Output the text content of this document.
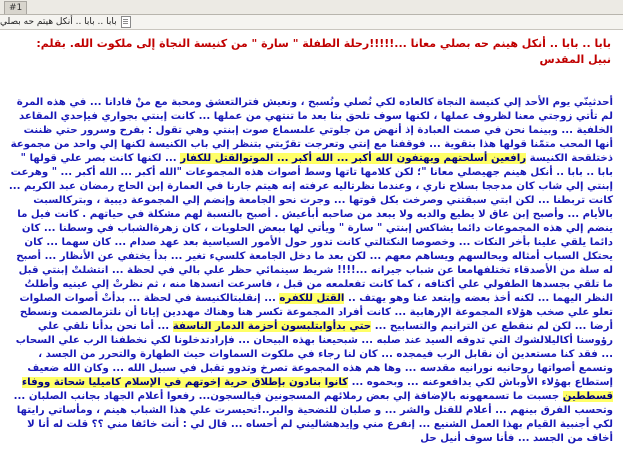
#1
بابا .. بابا .. أنكل هيتم حه بصلي
بابا .. بابا .. أنكل هينم حه بصلي معانا ...!!!!!رحلة الطفلة " سارة " من كنيسة النجاة إلى ملكوت الله. بقلم: نبيل المقدس
أحدثينّي يوم الأحد إلي كنيسة النجاة كالعاده لكي نُصلي ونُسبح ، ونعيش فترالتعشق ومحبة مع منْ فادانا ... في هذه المرة لم تأتي زوجتي معنا لظروف عملها ، لكنها سوف تلحق بنا بعد ما تنتهي من عملها ... كانت إبنتي بجواري فيإحدي المقاعد الخلفية ... وبينما نحن في صمت العبادة إذ أنهض من جلوتي علىسماع صوت إبنتي وهي تقول : بفرح وسرور حتي ظننت أنها المحب متمّنا قولها هذا بتقوية ... فوقفنا مع إنتي وتعرجت تقرّيتي بتنظر إلي باب الكنيسة لكنها إلي واحد من مجموعة ذختلقحة الكنيسة رافعين أسلحتهم ويهتفون الله أكبر ... الله أكبر ... الموتوالقتل للكفار ... لكنها كانت بصر علي قولها " بابا .. بابا .. أنكل هينم جهيصلي معانا "؛ لكن كلامها تاتها وسط أصوات هذه المجموعات "الله أكبر ... الله أكبر ... " وهرعت إبنتي إلي شاب كان مدججا بسلاح ناري ، وعندما نظرتاليه عرفته إنه هيتم جارنا في العمارة إبن الحاج رمضان عبد الكريم ... كانت تربطنا ... لكن ابتي سبقتني وصرخت بكل قوتها ... وجرت نحو الجامعة وإنضم إلي المجموعة ديبية ، وبتركالسبت بالأيام ... وأصبح إبن عاق لا يطيع والديه ولا يبعد من صاحبه أبأعيش . أصبح بالنسبة لهم مشكلة في حياتهم . كانت فيل ما ينضم إلي هذه المجموعات دائما يشاكس إبنتي " سارة " ويأتي لها ببعض الحلويات ، كان زهرةالشباب في وسطنا ... كان دائما يلقي علينا بأخر النكات ... وخصوصا النكتالتي كانت تدور حول الأمور السياسية بعد عهد صدام ... كان سهما ... كان يحتكل السباب أمثاله ويحالسهم ويساهم معهم ... لكن بعد ما دخل الجامعة كلسيء تغير ... بدأ يختفي عن الأنظار ... أصبح له سلة من الأصدقاء تختلفهامعا عن شباب جيرانه ...!!!! شريط سينمائي حظر علي بالي في لحظة ... انتشلتْ إبنتي قبل ما تلقي بجسدها الطفولي علي أكتافه ، كما كانت تفعلمعه من قبل ، فاسرعت انسدها منه ، ثم نظرتْ إلي عينيه وأطلتُ النظر اليهما ... لكنه أخذ بعضه وإبتعد عنا وهو يهتف .. القتل للكفره ... إنقلبتالكنيسة في لحظة ... بدأتْ أصوات الصلوات تعلو علي صخب هؤلاء المجموعة الإرهابية ... كانت أفراد المجموعة تكسر هنا وهناك مهددين إيانا أن نلتزمالصمت ونسطح أرضا ... لكن لم ننقطع عن الترانيم والتسابيح ... حتي بدأوابتلبسون أحزمة الدمار الناسفة ... أما نحن بدأنا نلقي علي رؤوسنا أكاليلالشوك التي تدوقه السيد عند صلبه ... شبحيعنا بهذه البيحان ... فإرادتدخلونا لكي نخطفنا الرب علي السحاب ... فقد كنا مستعدين أن نقابل الرب فيمجده ... كان لنا رجاء في ملكوت السماوات حيث الطهارة والتحرر من الجسد ، وتسمع أصواتها روحانيه نورانيه مقدسه ... وها هم هذه المجموعة تصرخ وتدوو تقبل في سبيل الله ... وكان الله ضعيف إستطاع بهؤلاء الأوباش لكي يدافعوعنه ... وبحموه ... كانوا بنادون بإطلاق حرية إخوتهم في الإسلام كاميليا شحاتة ووفاء قسططين جسبت ما تسمعهونه بالإضافة إلي بعض رملائهم المسجونين فيالسجون... رفعوا أعلام الجهاد بجانب الصلبان ... وتحسب الفرق بينهم ... أعلام للقتل والشر ... و صلبان للتضحية والبر..!تحيسرت علي هذا الشباب هينم ، ومأساتي رايتها لكي أجنبية القيام بهذا العمل الشنيع ... إنفرع مني وإيدهشاليني لم أحساه ... قال لي : أنت خائفا مني ؟؟ قلت له أنا لا أخاف من الجسد ... فأنا سوف أنيل حل
